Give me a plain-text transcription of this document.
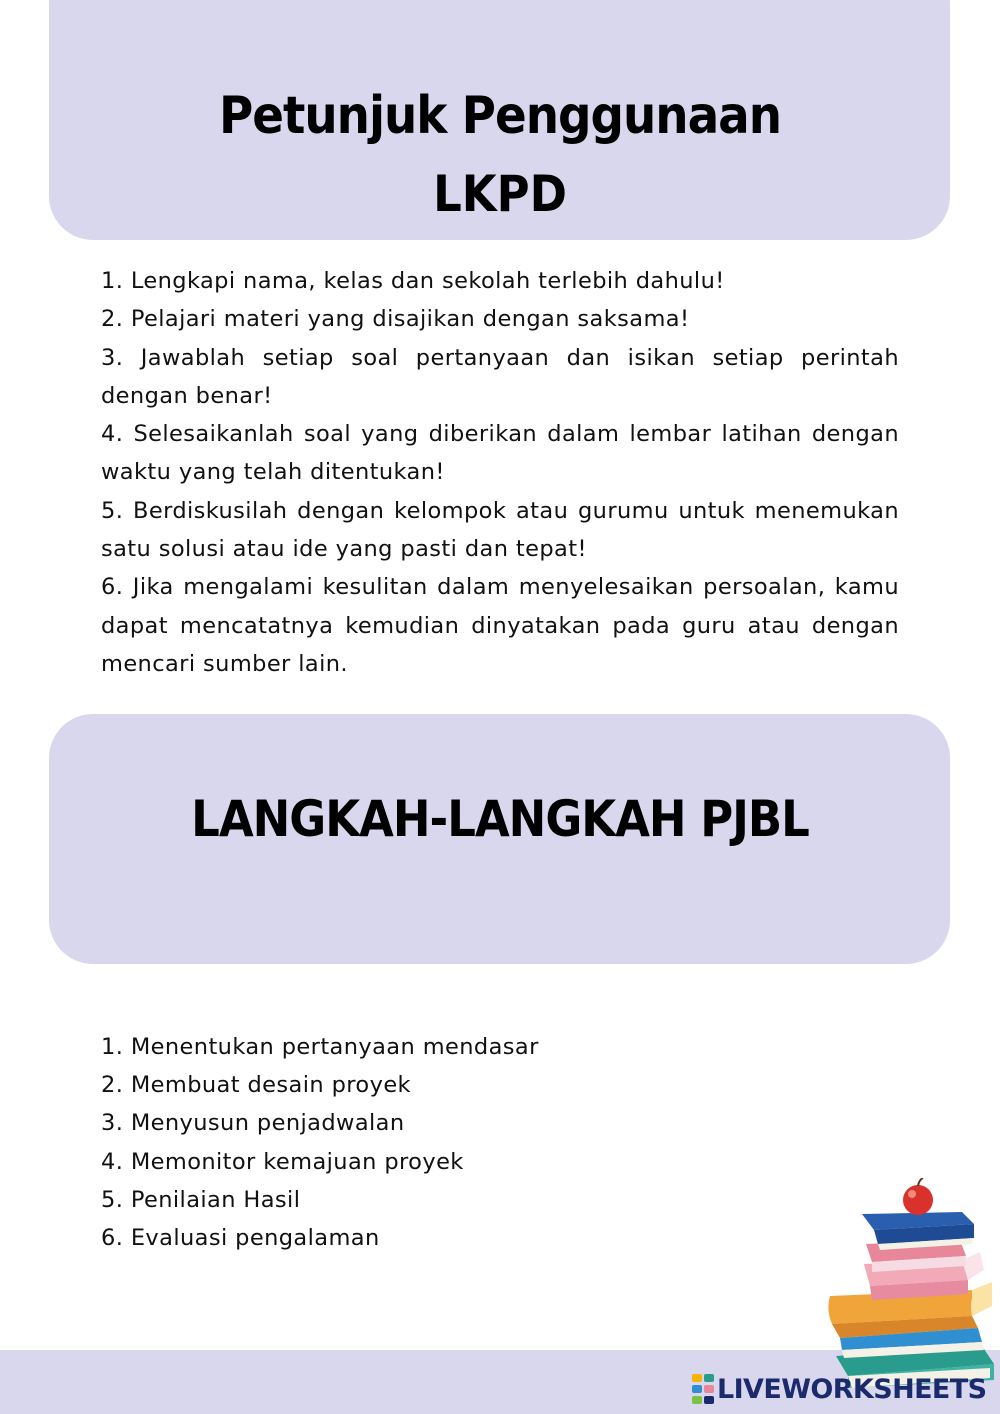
Petunjuk Penggunaan
LKPD
1. Lengkapi nama, kelas dan sekolah terlebih dahulu!
2. Pelajari materi yang disajikan dengan saksama!
3. Jawablah setiap soal pertanyaan dan isikan setiap perintah dengan benar!
4. Selesaikanlah soal yang diberikan dalam lembar latihan dengan waktu yang telah ditentukan!
5. Berdiskusilah dengan kelompok atau gurumu untuk menemukan satu solusi atau ide yang pasti dan tepat!
6. Jika mengalami kesulitan dalam menyelesaikan persoalan, kamu dapat mencatatnya kemudian dinyatakan pada guru atau dengan mencari sumber lain.
LANGKAH-LANGKAH PJBL
1. Menentukan pertanyaan mendasar
2. Membuat desain proyek
3. Menyusun penjadwalan
4. Memonitor kemajuan proyek
5. Penilaian Hasil
6. Evaluasi pengalaman
LIVEWORKSHEETS
